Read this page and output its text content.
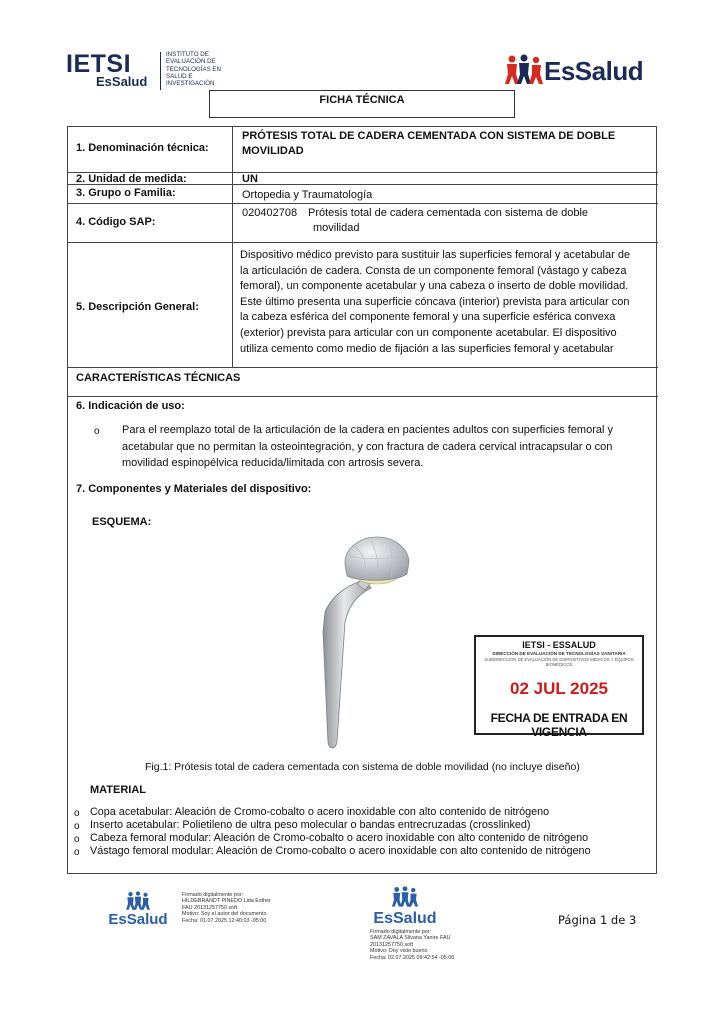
IETSI
EsSalud
INSTITUTO DE
EVALUACIÓN DE
TECNOLOGÍAS EN
SALUD E
INVESTIGACIÓN	EsSalud
FICHA TÉCNICA
1. Denominación técnica:
PRÓTESIS TOTAL DE CADERA CEMENTADA CON SISTEMA DE DOBLE
MOVILIDAD
2. Unidad de medida:	UN
3. Grupo o Familia:	Ortopedia y Traumatología
4. Código SAP:
020402708 Prótesis total de cadera cementada con sistema de doble
movilidad
5. Descripción General:
Dispositivo médico previsto para sustituir las superficies femoral y acetabular de
la articulación de cadera. Consta de un componente femoral (vástago y cabeza
femoral), un componente acetabular y una cabeza o inserto de doble movilidad.
Este último presenta una superficie cóncava (interior) prevista para articular con
la cabeza esférica del componente femoral y una superficie esférica convexa
(exterior) prevista para articular con un componente acetabular. El dispositivo
utiliza cemento como medio de fijación a las superficies femoral y acetabular
CARACTERÍSTICAS TÉCNICAS
6. Indicación de uso:
o Para el reemplazo total de la articulación de la cadera en pacientes adultos con superficies femoral y
acetabular que no permitan la osteointegración, y con fractura de cadera cervical intracapsular o con
movilidad espinopélvica reducida/limitada con artrosis severa.
7. Componentes y Materiales del dispositivo:
ESQUEMA:
MATERIAL
o
o
o
o
Copa acetabular: Aleación de Cromo-cobalto o acero inoxidable con alto contenido de nitrógeno
Inserto acetabular: Polietileno de ultra peso molecular o bandas entrecruzadas (crosslinked)
Cabeza femoral modular: Aleación de Cromo-cobalto o acero inoxidable con alto contenido de nitrógeno
Vástago femoral modular: Aleación de Cromo-cobalto o acero inoxidable con alto contenido de nitrógeno
IETSI - ESSALUD
DIRECCIÓN DE EVALUACIÓN DE TECNOLOGÍAS SANITARIA
SUBDIRECCIÓN DE EVALUACIÓN DE DISPOSITIVOS MÉDICOS Y EQUIPOS BIOMÉDICOS
02 JUL 2025
FECHA DE ENTRADA EN VIGENCIA
Fig.1: Prótesis total de cadera cementada con sistema de doble movilidad (no incluye diseño)
EsSalud
Firmado digitalmente por:
HILDEBRANDT PINEDO Lida Esther
FAU 20131257750 soft
Motivo: Soy el autor del documento
Fecha: 01.07.2025 12:40:03 -05:00	EsSalud
Firmado digitalmente por:
SAM ZAVALA Silvana Yanire FAU
20131257750 soft
Motivo: Doy visto bueno
Fecha: 02.07.2025 09:42:54 -05:00
Página 1 de 3
